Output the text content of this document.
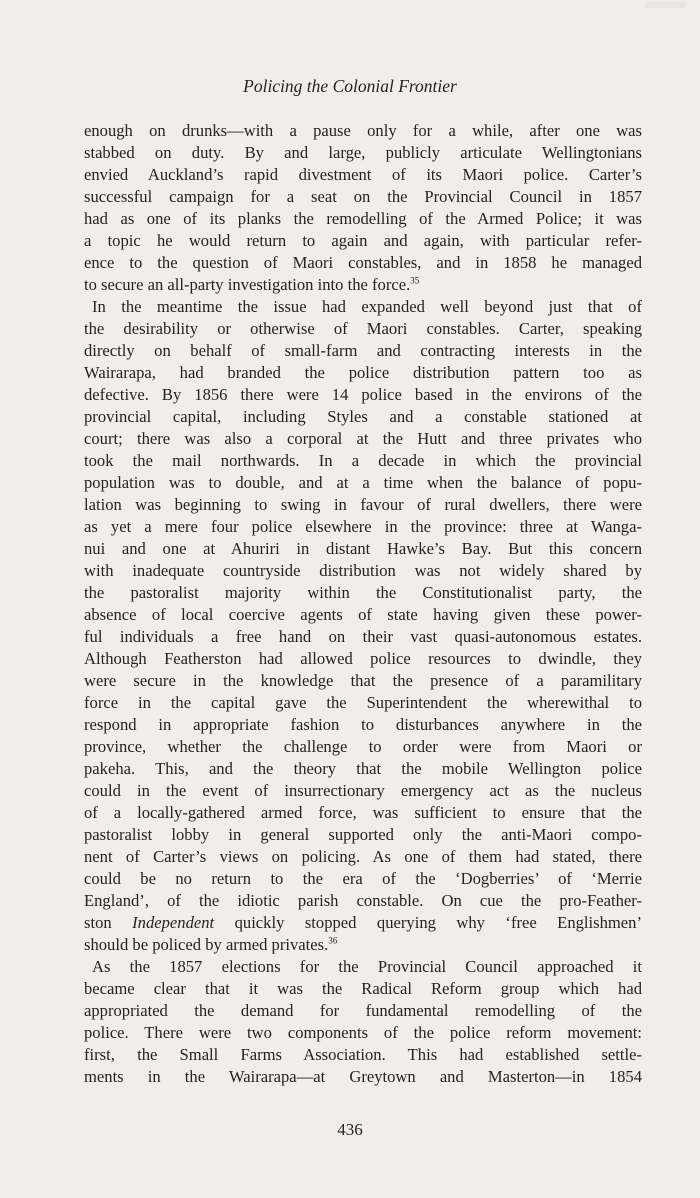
Policing the Colonial Frontier
enough on drunks—with a pause only for a while, after one was
stabbed on duty. By and large, publicly articulate Wellingtonians
envied Auckland’s rapid divestment of its Maori police. Carter’s
successful campaign for a seat on the Provincial Council in 1857
had as one of its planks the remodelling of the Armed Police; it was
a topic he would return to again and again, with particular refer-
ence to the question of Maori constables, and in 1858 he managed
to secure an all-party investigation into the force.$^{35}$
In the meantime the issue had expanded well beyond just that of
the desirability or otherwise of Maori constables. Carter, speaking
directly on behalf of small-farm and contracting interests in the
Wairarapa, had branded the police distribution pattern too as
defective. By 1856 there were 14 police based in the environs of the
provincial capital, including Styles and a constable stationed at
court; there was also a corporal at the Hutt and three privates who
took the mail northwards. In a decade in which the provincial
population was to double, and at a time when the balance of popu-
lation was beginning to swing in favour of rural dwellers, there were
as yet a mere four police elsewhere in the province: three at Wanga-
nui and one at Ahuriri in distant Hawke’s Bay. But this concern
with inadequate countryside distribution was not widely shared by
the pastoralist majority within the Constitutionalist party, the
absence of local coercive agents of state having given these power-
ful individuals a free hand on their vast quasi-autonomous estates.
Although Featherston had allowed police resources to dwindle, they
were secure in the knowledge that the presence of a paramilitary
force in the capital gave the Superintendent the wherewithal to
respond in appropriate fashion to disturbances anywhere in the
province, whether the challenge to order were from Maori or
pakeha. This, and the theory that the mobile Wellington police
could in the event of insurrectionary emergency act as the nucleus
of a locally-gathered armed force, was sufficient to ensure that the
pastoralist lobby in general supported only the anti-Maori compo-
nent of Carter’s views on policing. As one of them had stated, there
could be no return to the era of the ‘Dogberries’ of ‘Merrie
England’, of the idiotic parish constable. On cue the pro-Feather-
ston Independent quickly stopped querying why ‘free Englishmen’
should be policed by armed privates.$^{36}$
As the 1857 elections for the Provincial Council approached it
became clear that it was the Radical Reform group which had
appropriated the demand for fundamental remodelling of the
police. There were two components of the police reform movement:
first, the Small Farms Association. This had established settle-
ments in the Wairarapa—at Greytown and Masterton—in 1854
436
